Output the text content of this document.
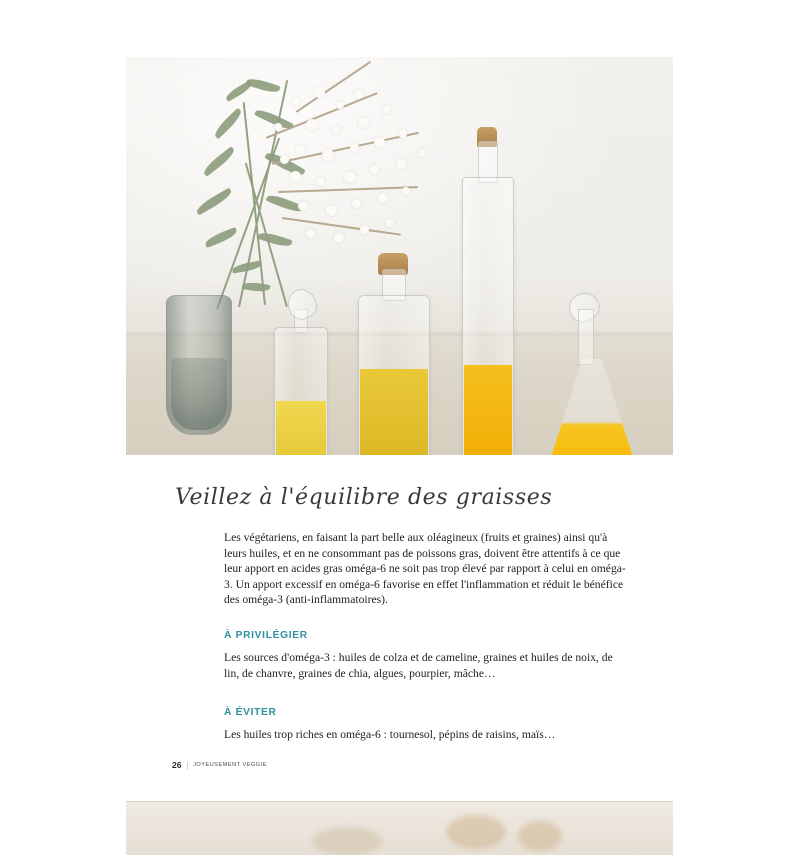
Veillez à l'équilibre des graisses

Les végétariens, en faisant la part belle aux oléagineux (fruits et graines) ainsi qu'à leurs huiles, et en ne consommant pas de poissons gras, doivent être attentifs à ce que leur apport en acides gras oméga-6 ne soit pas trop élevé par rapport à celui en oméga-3. Un apport excessif en oméga-6 favorise en effet l'inflammation et réduit le bénéfice des oméga-3 (anti-inflammatoires).

À PRIVILÉGIER

Les sources d'oméga-3 : huiles de colza et de cameline, graines et huiles de noix, de lin, de chanvre, graines de chia, algues, pourpier, mâche…

À ÉVITER

Les huiles trop riches en oméga-6 : tournesol, pépins de raisins, maïs…

26 | JOYEUSEMENT VEGGIE
